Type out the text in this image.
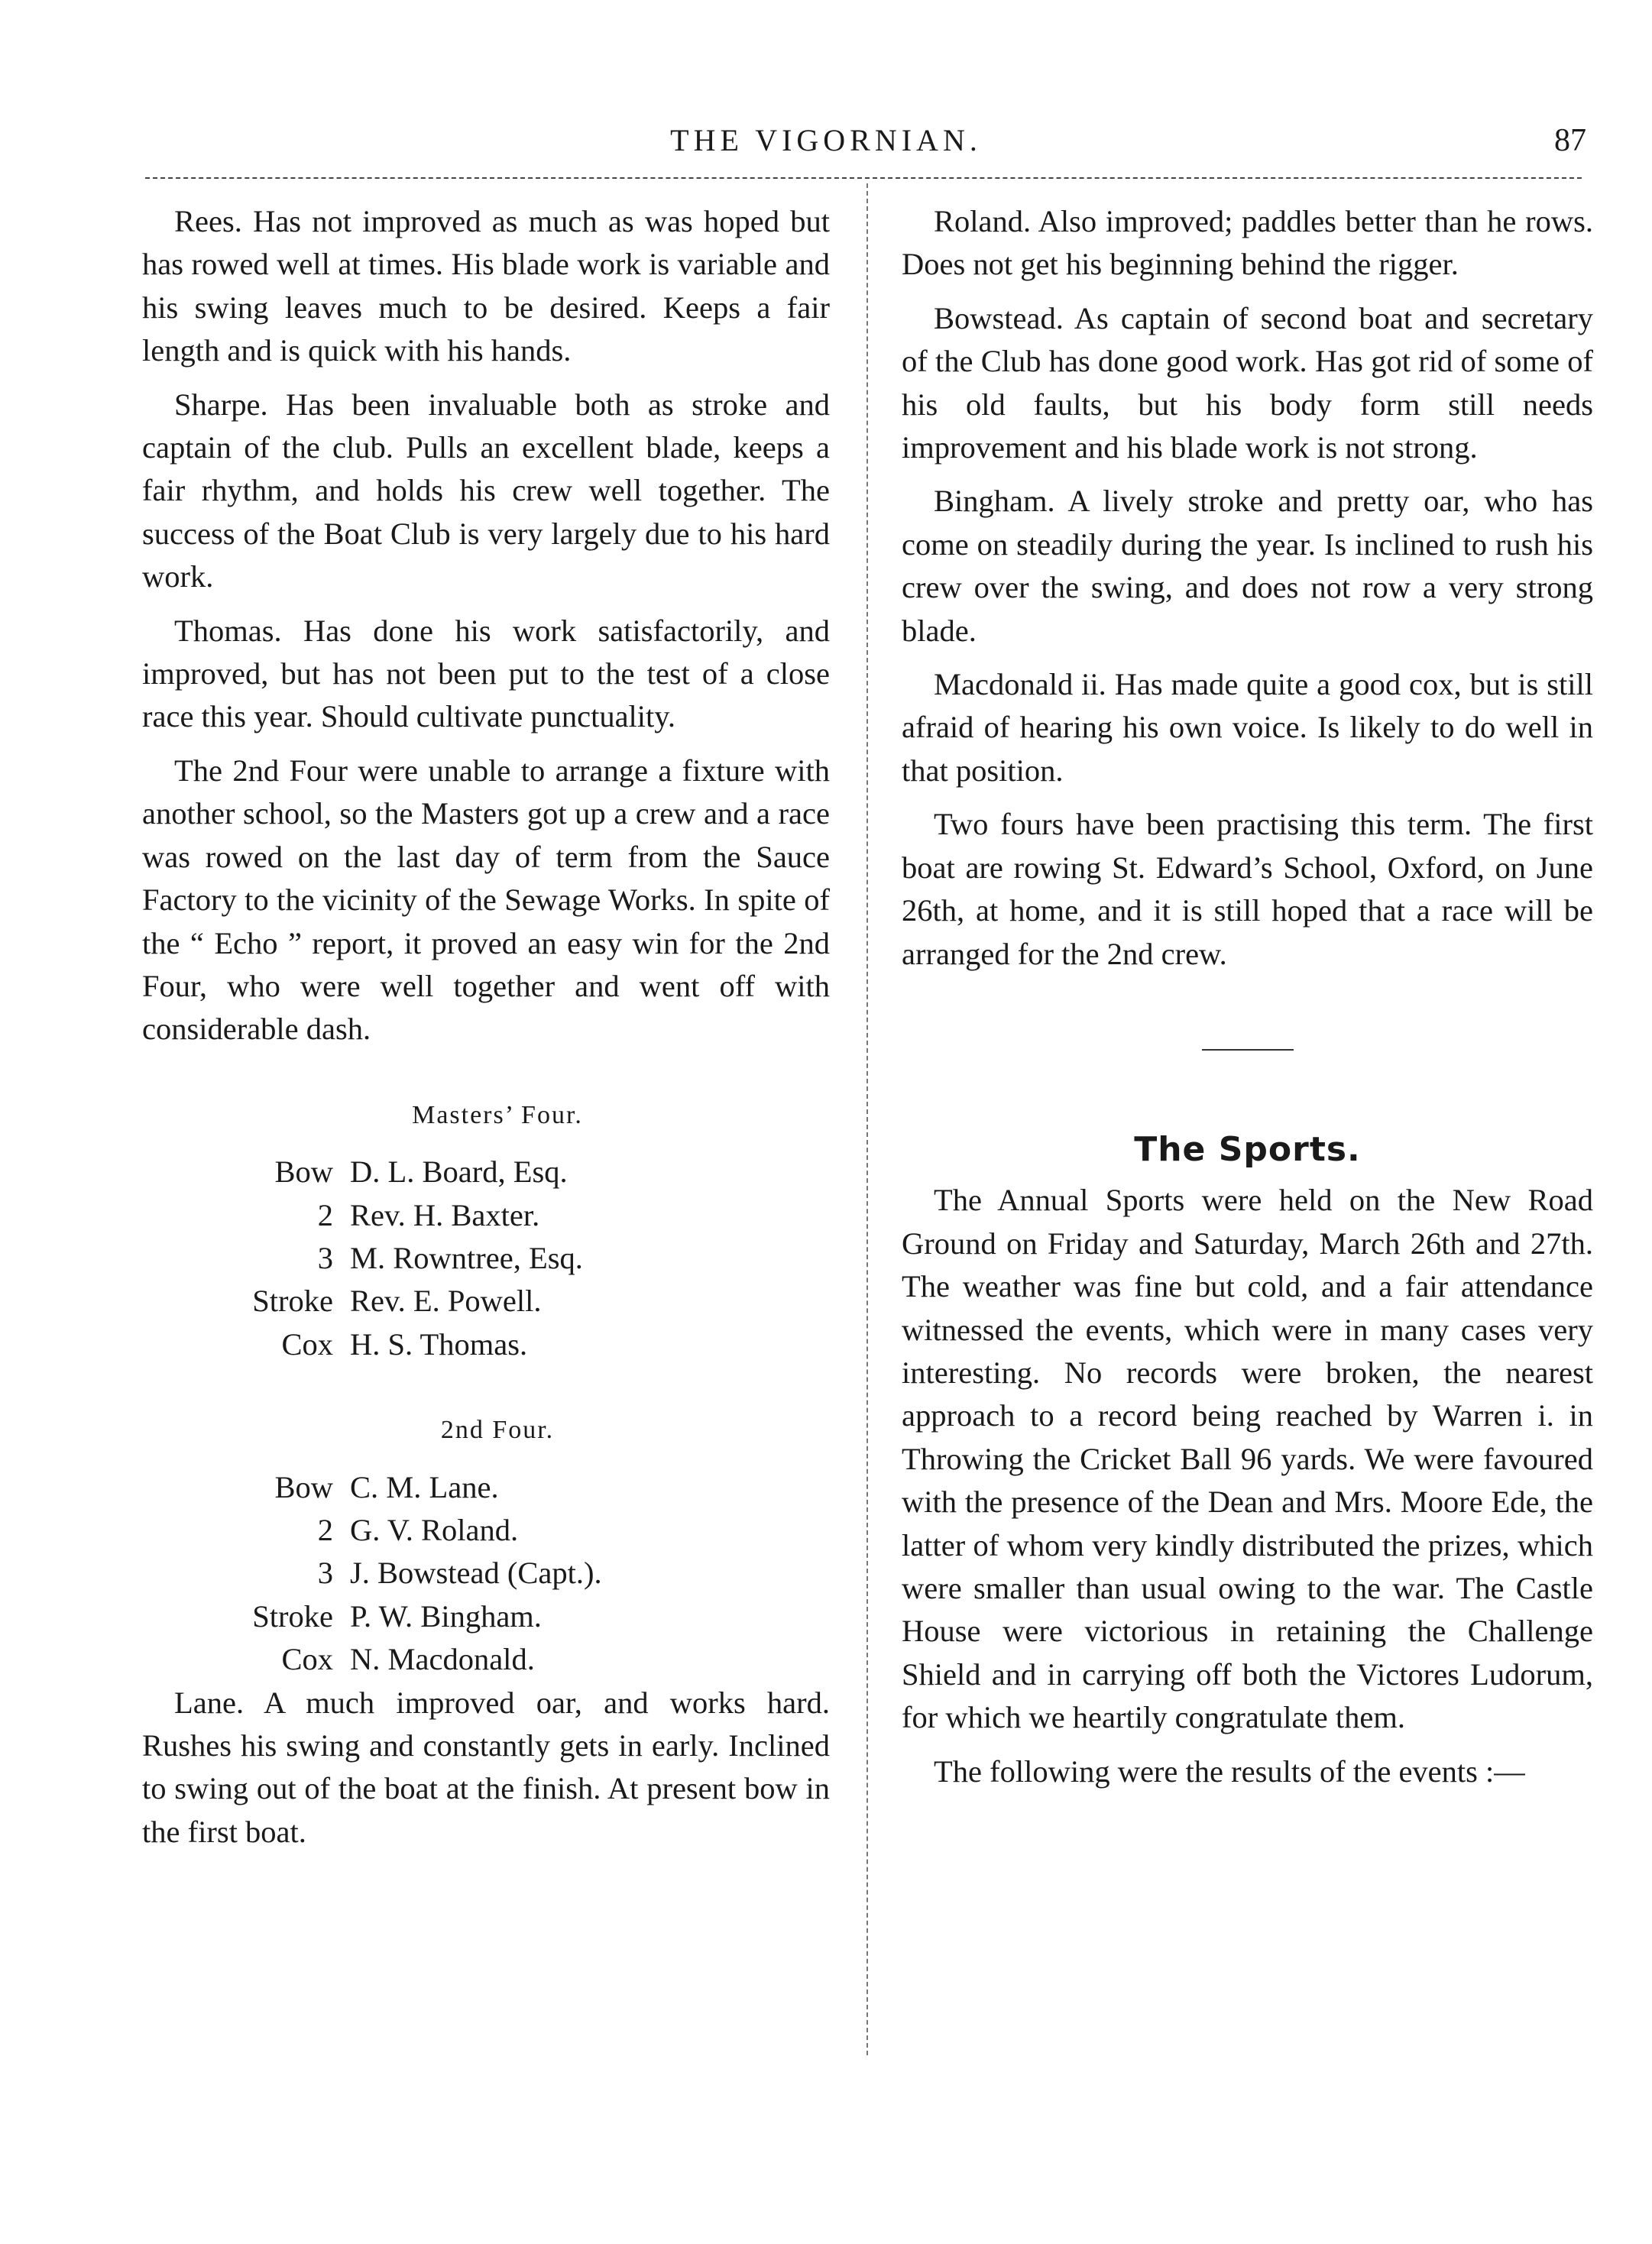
THE VIGORNIAN.	87

Rees. Has not improved as much as was hoped but has rowed well at times. His blade work is variable and his swing leaves much to be desired. Keeps a fair length and is quick with his hands.

Sharpe. Has been invaluable both as stroke and captain of the club. Pulls an excellent blade, keeps a fair rhythm, and holds his crew well together. The success of the Boat Club is very largely due to his hard work.

Thomas. Has done his work satisfactorily, and improved, but has not been put to the test of a close race this year. Should cultivate punctuality.

The 2nd Four were unable to arrange a fixture with another school, so the Masters got up a crew and a race was rowed on the last day of term from the Sauce Factory to the vicinity of the Sewage Works. In spite of the “ Echo ” report, it proved an easy win for the 2nd Four, who were well together and went off with considerable dash.

Masters’ Four.
Bow	D. L. Board, Esq.
2	Rev. H. Baxter.
3	M. Rowntree, Esq.
Stroke	Rev. E. Powell.
Cox	H. S. Thomas.
2nd Four.
Bow	C. M. Lane.
2	G. V. Roland.
3	J. Bowstead (Capt.).
Stroke	P. W. Bingham.
Cox	N. Macdonald.

Lane. A much improved oar, and works hard. Rushes his swing and constantly gets in early. Inclined to swing out of the boat at the finish. At present bow in the first boat.

Roland. Also improved; paddles better than he rows. Does not get his beginning behind the rigger.

Bowstead. As captain of second boat and secretary of the Club has done good work. Has got rid of some of his old faults, but his body form still needs improvement and his blade work is not strong.

Bingham. A lively stroke and pretty oar, who has come on steadily during the year. Is inclined to rush his crew over the swing, and does not row a very strong blade.

Macdonald ii. Has made quite a good cox, but is still afraid of hearing his own voice. Is likely to do well in that position.

Two fours have been practising this term. The first boat are rowing St. Edward’s School, Oxford, on June 26th, at home, and it is still hoped that a race will be arranged for the 2nd crew.

The Sports.

The Annual Sports were held on the New Road Ground on Friday and Saturday, March 26th and 27th. The weather was fine but cold, and a fair attendance witnessed the events, which were in many cases very interesting. No records were broken, the nearest approach to a record being reached by Warren i. in Throwing the Cricket Ball 96 yards. We were favoured with the presence of the Dean and Mrs. Moore Ede, the latter of whom very kindly distributed the prizes, which were smaller than usual owing to the war. The Castle House were victorious in retaining the Challenge Shield and in carrying off both the Victores Ludorum, for which we heartily congratulate them.

The following were the results of the events :—
